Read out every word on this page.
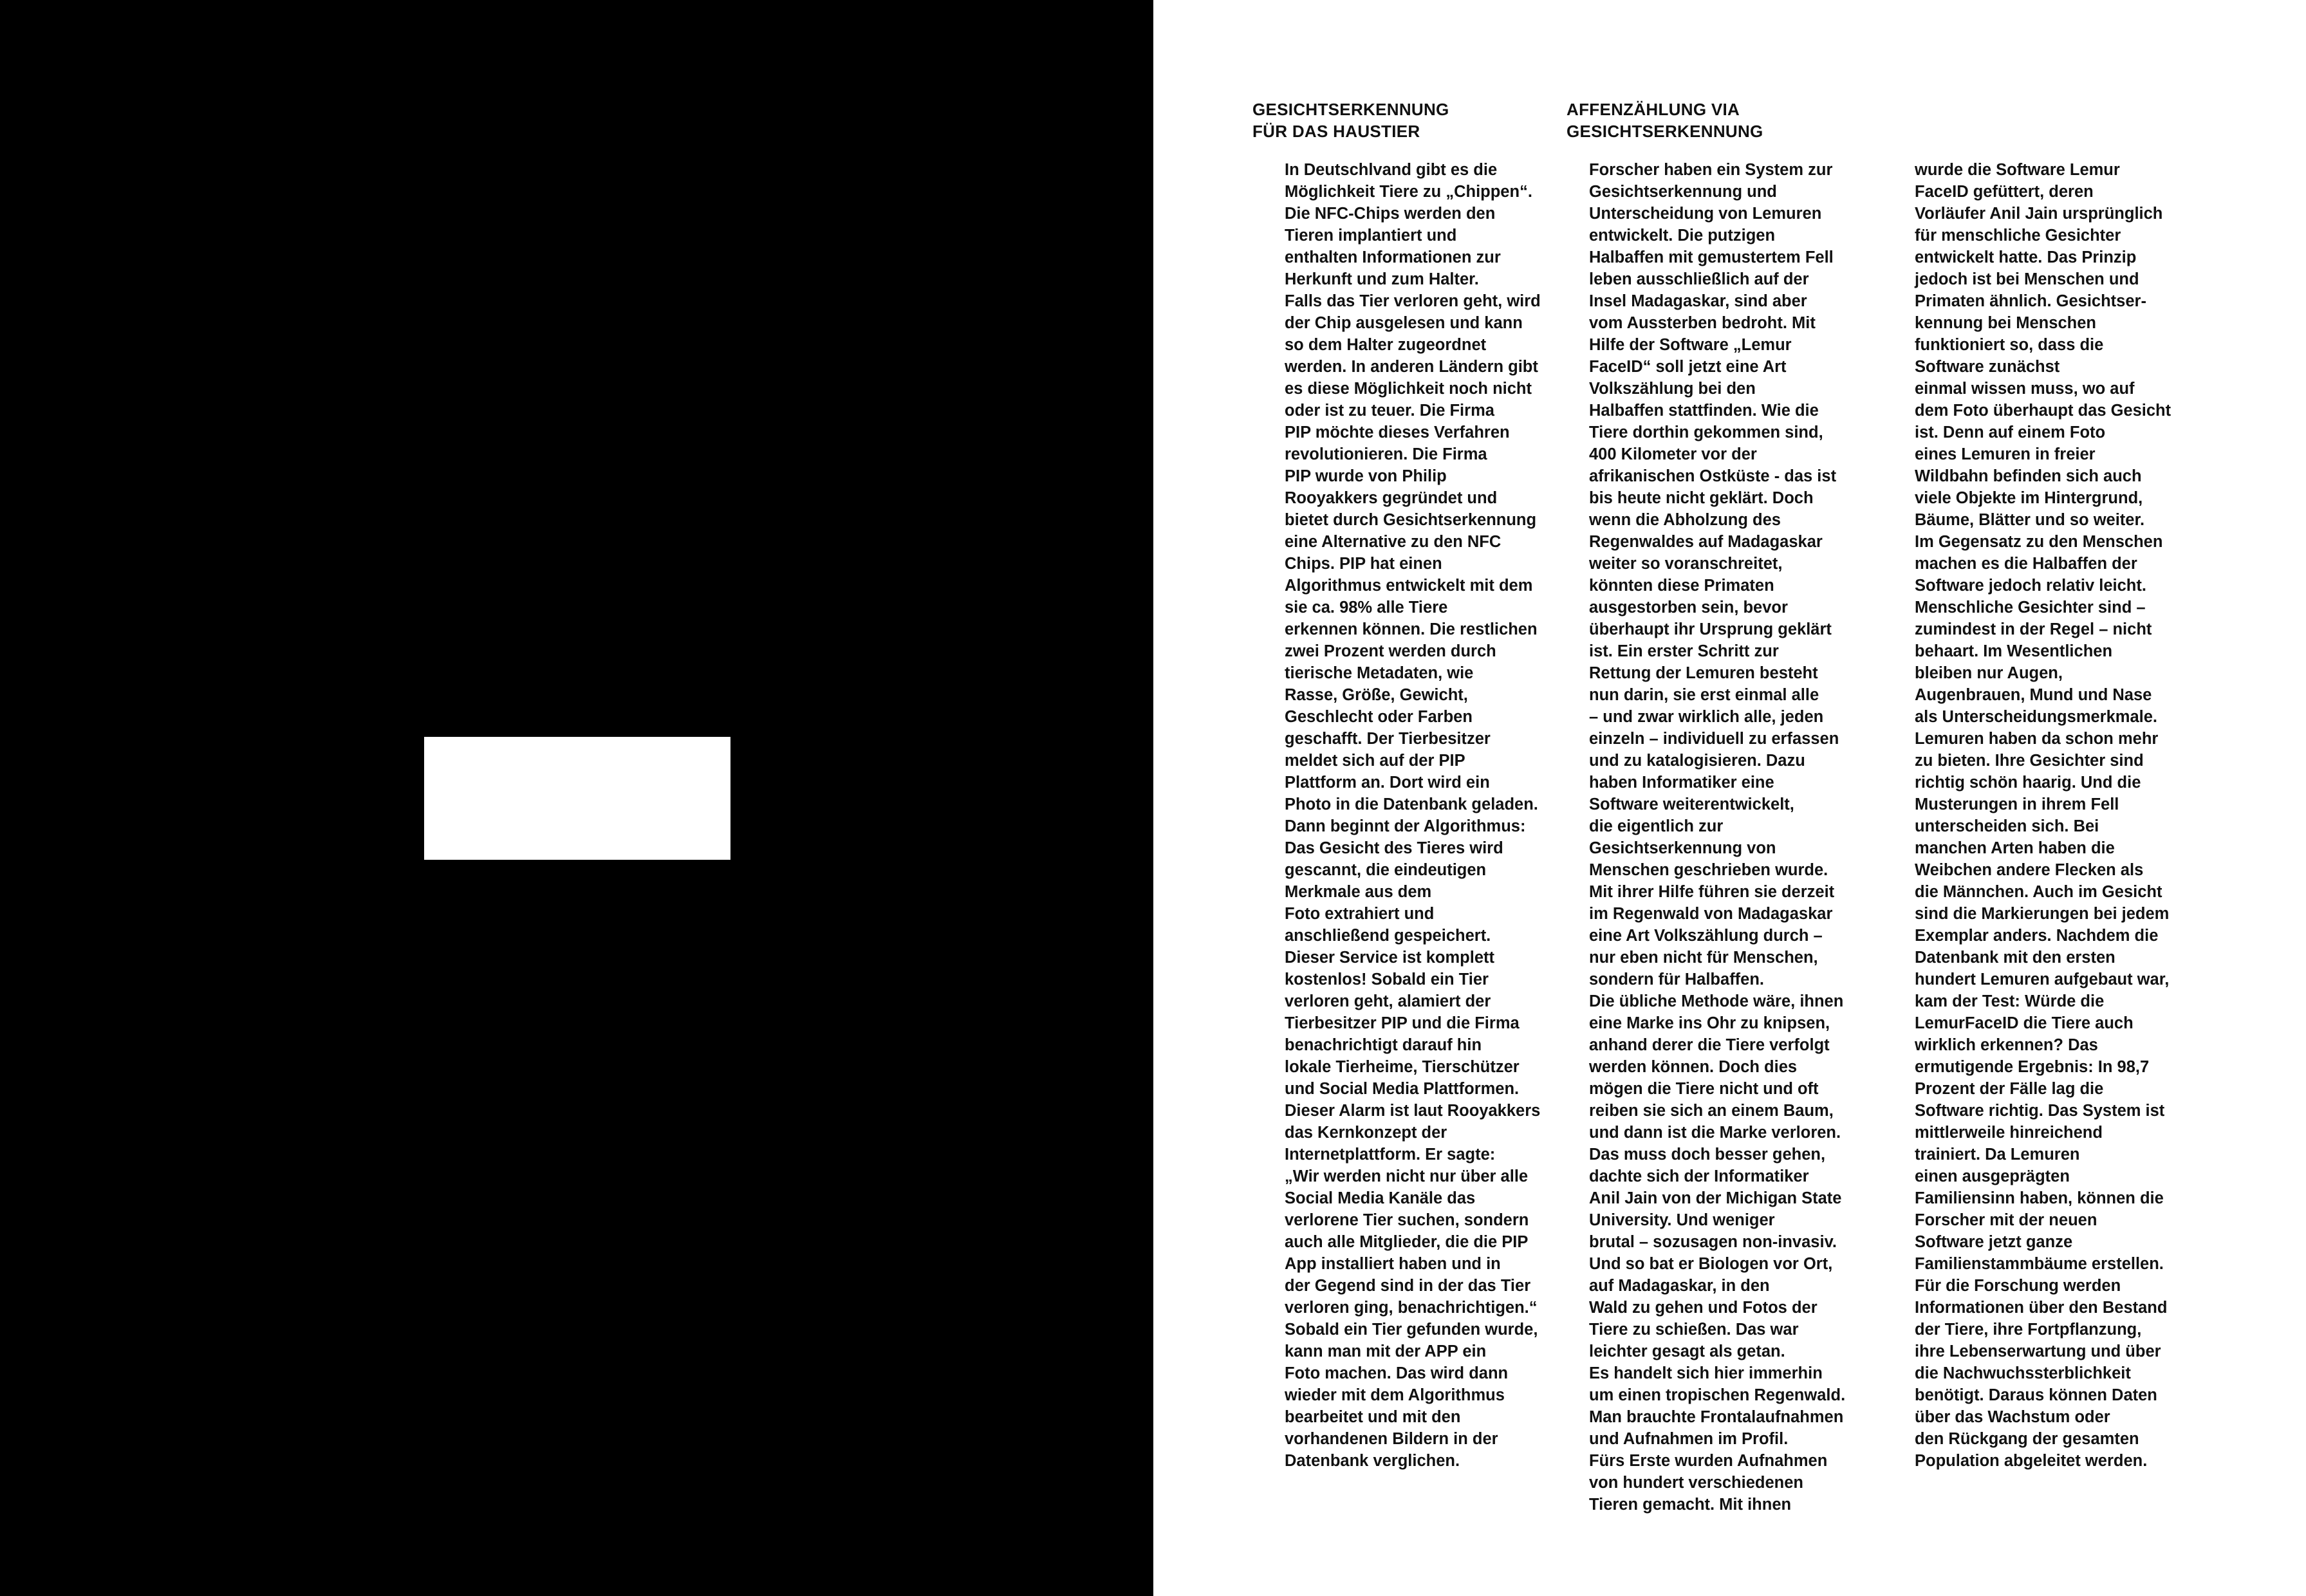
GESICHTSERKENNUNG
FÜR DAS HAUSTIER
AFFENZÄHLUNG VIA
GESICHTSERKENNUNG

In Deutschlvand gibt es die
Möglichkeit Tiere zu „Chippen“.
Die NFC-Chips werden den
Tieren implantiert und
enthalten Informationen zur
Herkunft und zum Halter.
Falls das Tier verloren geht, wird
der Chip ausgelesen und kann
so dem Halter zugeordnet
werden. In anderen Ländern gibt
es diese Möglichkeit noch nicht
oder ist zu teuer. Die Firma
PIP möchte dieses Verfahren
revolutionieren. Die Firma
PIP wurde von Philip
Rooyakkers gegründet und
bietet durch Gesichtserkennung
eine Alternative zu den NFC
Chips. PIP hat einen
Algorithmus entwickelt mit dem
sie ca. 98% alle Tiere
erkennen können. Die restlichen
zwei Prozent werden durch
tierische Metadaten, wie
Rasse, Größe, Gewicht,
Geschlecht oder Farben
geschafft. Der Tierbesitzer
meldet sich auf der PIP
Plattform an. Dort wird ein
Photo in die Datenbank geladen.
Dann beginnt der Algorithmus:
Das Gesicht des Tieres wird
gescannt, die eindeutigen
Merkmale aus dem
Foto extrahiert und
anschließend gespeichert.
Dieser Service ist komplett
kostenlos! Sobald ein Tier
verloren geht, alamiert der
Tierbesitzer PIP und die Firma
benachrichtigt darauf hin
lokale Tierheime, Tierschützer
und Social Media Plattformen.
Dieser Alarm ist laut Rooyakkers
das Kernkonzept der
Internetplattform. Er sagte:
„Wir werden nicht nur über alle
Social Media Kanäle das
verlorene Tier suchen, sondern
auch alle Mitglieder, die die PIP
App installiert haben und in
der Gegend sind in der das Tier
verloren ging, benachrichtigen.“
Sobald ein Tier gefunden wurde,
kann man mit der APP ein
Foto machen. Das wird dann
wieder mit dem Algorithmus
bearbeitet und mit den
vorhandenen Bildern in der
Datenbank verglichen.

Forscher haben ein System zur
Gesichtserkennung und
Unterscheidung von Lemuren
entwickelt. Die putzigen
Halbaffen mit gemustertem Fell
leben ausschließlich auf der
Insel Madagaskar, sind aber
vom Aussterben bedroht. Mit
Hilfe der Software „Lemur
FaceID“ soll jetzt eine Art
Volkszählung bei den
Halbaffen stattfinden. Wie die
Tiere dorthin gekommen sind,
400 Kilometer vor der
afrikanischen Ostküste - das ist
bis heute nicht geklärt. Doch
wenn die Abholzung des
Regenwaldes auf Madagaskar
weiter so voranschreitet,
könnten diese Primaten
ausgestorben sein, bevor
überhaupt ihr Ursprung geklärt
ist. Ein erster Schritt zur
Rettung der Lemuren besteht
nun darin, sie erst einmal alle
– und zwar wirklich alle, jeden
einzeln – individuell zu erfassen
und zu katalogisieren. Dazu
haben Informatiker eine
Software weiterentwickelt,
die eigentlich zur
Gesichtserkennung von
Menschen geschrieben wurde.
Mit ihrer Hilfe führen sie derzeit
im Regenwald von Madagaskar
eine Art Volkszählung durch –
nur eben nicht für Menschen,
sondern für Halbaffen.
Die übliche Methode wäre, ihnen
eine Marke ins Ohr zu knipsen,
anhand derer die Tiere verfolgt
werden können. Doch dies
mögen die Tiere nicht und oft
reiben sie sich an einem Baum,
und dann ist die Marke verloren.
Das muss doch besser gehen,
dachte sich der Informatiker
Anil Jain von der Michigan State
University. Und weniger
brutal – sozusagen non-invasiv.
Und so bat er Biologen vor Ort,
auf Madagaskar, in den
Wald zu gehen und Fotos der
Tiere zu schießen. Das war
leichter gesagt als getan.
Es handelt sich hier immerhin
um einen tropischen Regenwald.
Man brauchte Frontalaufnahmen
und Aufnahmen im Profil.
Fürs Erste wurden Aufnahmen
von hundert verschiedenen
Tieren gemacht. Mit ihnen

wurde die Software Lemur
FaceID gefüttert, deren
Vorläufer Anil Jain ursprünglich
für menschliche Gesichter
entwickelt hatte. Das Prinzip
jedoch ist bei Menschen und
Primaten ähnlich. Gesichtser-
kennung bei Menschen
funktioniert so, dass die
Software zunächst
einmal wissen muss, wo auf
dem Foto überhaupt das Gesicht
ist. Denn auf einem Foto
eines Lemuren in freier
Wildbahn befinden sich auch
viele Objekte im Hintergrund,
Bäume, Blätter und so weiter.
Im Gegensatz zu den Menschen
machen es die Halbaffen der
Software jedoch relativ leicht.
Menschliche Gesichter sind –
zumindest in der Regel – nicht
behaart. Im Wesentlichen
bleiben nur Augen,
Augenbrauen, Mund und Nase
als Unterscheidungsmerkmale.
Lemuren haben da schon mehr
zu bieten. Ihre Gesichter sind
richtig schön haarig. Und die
Musterungen in ihrem Fell
unterscheiden sich. Bei
manchen Arten haben die
Weibchen andere Flecken als
die Männchen. Auch im Gesicht
sind die Markierungen bei jedem
Exemplar anders. Nachdem die
Datenbank mit den ersten
hundert Lemuren aufgebaut war,
kam der Test: Würde die
LemurFaceID die Tiere auch
wirklich erkennen? Das
ermutigende Ergebnis: In 98,7
Prozent der Fälle lag die
Software richtig. Das System ist
mittlerweile hinreichend
trainiert. Da Lemuren
einen ausgeprägten
Familiensinn haben, können die
Forscher mit der neuen
Software jetzt ganze
Familienstammbäume erstellen.
Für die Forschung werden
Informationen über den Bestand
der Tiere, ihre Fortpflanzung,
ihre Lebenserwartung und über
die Nachwuchssterblichkeit
benötigt. Daraus können Daten
über das Wachstum oder
den Rückgang der gesamten
Population abgeleitet werden.
